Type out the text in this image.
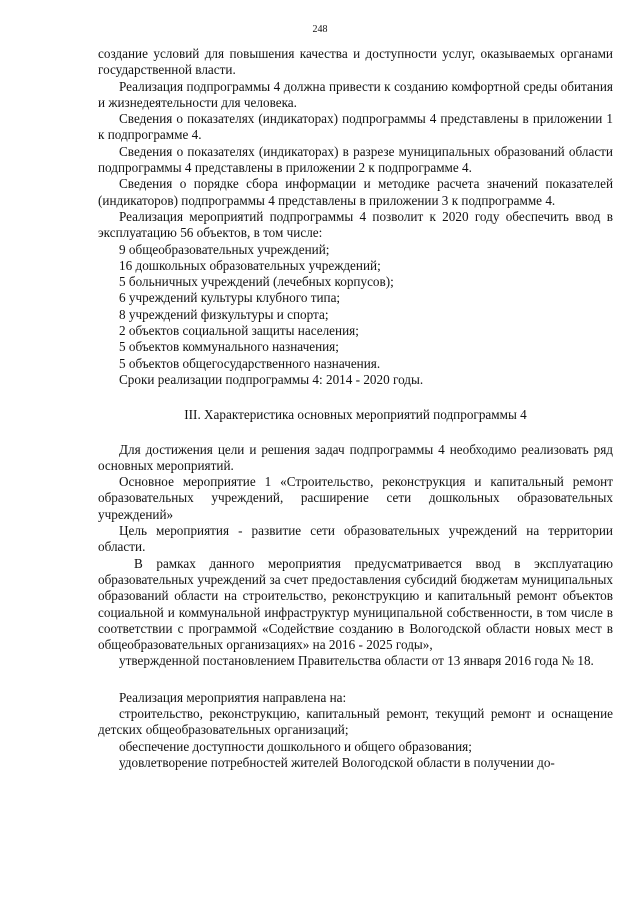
248

создание условий для повышения качества и доступности услуг, оказываемых органами государственной власти.

Реализация подпрограммы 4 должна привести к созданию комфортной среды обитания и жизнедеятельности для человека.

Сведения о показателях (индикаторах) подпрограммы 4 представлены в приложении 1 к подпрограмме 4.

Сведения о показателях (индикаторах) в разрезе муниципальных образований области подпрограммы 4 представлены в приложении 2 к подпрограмме 4.

Сведения о порядке сбора информации и методике расчета значений показателей (индикаторов) подпрограммы 4 представлены в приложении 3 к подпрограмме 4.

Реализация мероприятий подпрограммы 4 позволит к 2020 году обеспечить ввод в эксплуатацию 56 объектов, в том числе:

9 общеобразовательных учреждений;
16 дошкольных образовательных учреждений;
5 больничных учреждений (лечебных корпусов);
6 учреждений культуры клубного типа;
8 учреждений физкультуры и спорта;
2 объектов социальной защиты населения;
5 объектов коммунального назначения;
5 объектов общегосударственного назначения.
Сроки реализации подпрограммы 4: 2014 - 2020 годы.

III. Характеристика основных мероприятий подпрограммы 4

Для достижения цели и решения задач подпрограммы 4 необходимо реализовать ряд основных мероприятий.

Основное мероприятие 1 «Строительство, реконструкция и капитальный ремонт образовательных учреждений, расширение сети дошкольных образовательных учреждений»

Цель мероприятия - развитие сети образовательных учреждений на территории области.

В рамках данного мероприятия предусматривается ввод в эксплуатацию образовательных учреждений за счет предоставления субсидий бюджетам муниципальных образований области на строительство, реконструкцию и капитальный ремонт объектов социальной и коммунальной инфраструктур муниципальной собственности, в том числе в соответствии с программой «Содействие созданию в Вологодской области новых мест в общеобразовательных организациях» на 2016 - 2025 годы»,

утвержденной постановлением Правительства области от 13 января 2016 года № 18.

Реализация мероприятия направлена на:

строительство, реконструкцию, капитальный ремонт, текущий ремонт и оснащение детских общеобразовательных организаций;

обеспечение доступности дошкольного и общего образования;

удовлетворение потребностей жителей Вологодской области в получении до-
